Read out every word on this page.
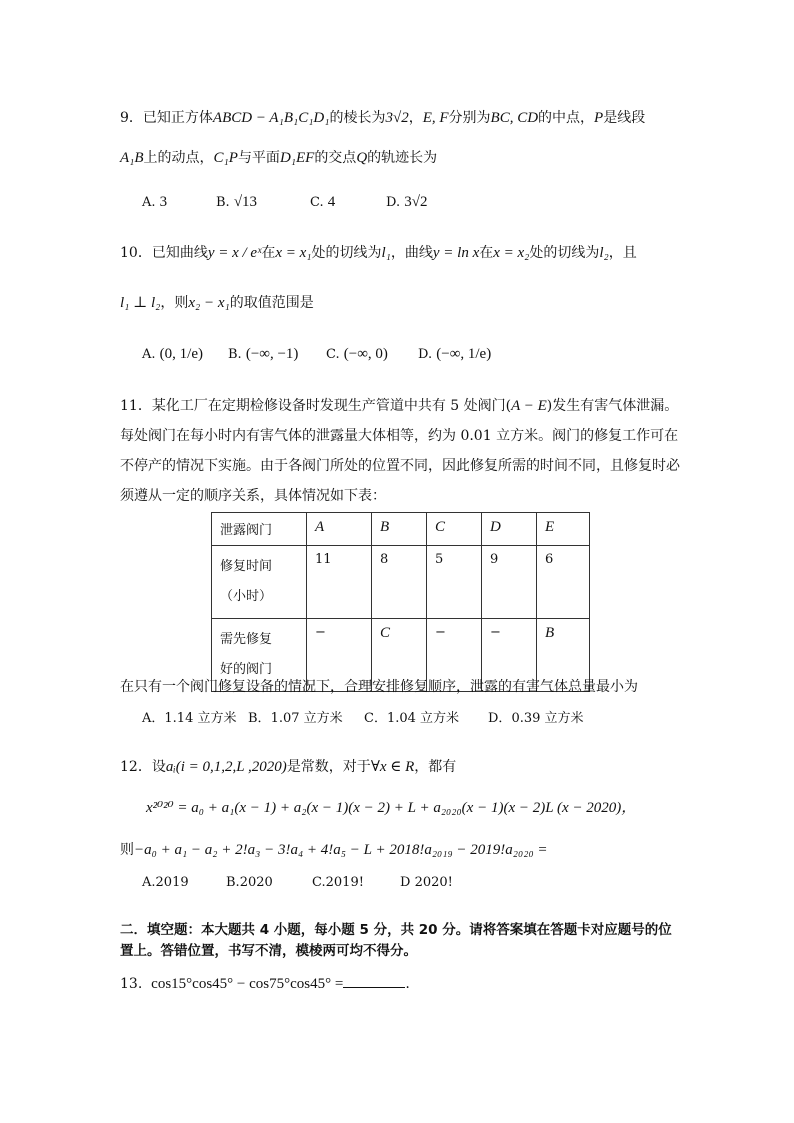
9．已知正方体ABCD − A₁B₁C₁D₁的棱长为3√2，E, F分别为BC, CD的中点，P是线段
A₁B上的动点，C₁P与平面D₁EF的交点Q的轨迹长为
A. 3	B. √13	C. 4	D. 3√2
10．已知曲线y = x / eˣ在x = x₁处的切线为l₁，曲线y = ln x在x = x₂处的切线为l₂，且
l₁ ⊥ l₂，则x₂ − x₁的取值范围是
A. (0, 1/e) B. (−∞, −1) C. (−∞, 0) D. (−∞, 1/e)
11．某化工厂在定期检修设备时发现生产管道中共有 5 处阀门(A − E)发生有害气体泄漏。
每处阀门在每小时内有害气体的泄露量大体相等，约为 0.01 立方米。阀门的修复工作可在
不停产的情况下实施。由于各阀门所处的位置不同，因此修复所需的时间不同，且修复时必
须遵从一定的顺序关系，具体情况如下表：
泄露阀门	A	B	C	D	E

修复时间
（小时）	11	8	5	9	6

需先修复
好的阀门	−	C	−	−	B
在只有一个阀门修复设备的情况下，合理安排修复顺序，泄露的有害气体总量最小为
A．1.14 立方米 B．1.07 立方米 C．1.04 立方米 D．0.39 立方米
12．设aᵢ(i = 0,1,2,L ,2020)是常数，对于∀x ∈ R，都有
x²⁰²⁰ = a₀ + a₁(x − 1) + a₂(x − 1)(x − 2) + L + a₂₀₂₀(x − 1)(x − 2)L (x − 2020)，
则−a₀ + a₁ − a₂ + 2!a₃ − 3!a₄ + 4!a₅ − L + 2018!a₂₀₁₉ − 2019!a₂₀₂₀ =
A.2019	B.2020	C.2019!	D 2020!
二．填空题：本大题共 4 小题，每小题 5 分，共 20 分。请将答案填在答题卡对应题号的位
置上。答错位置，书写不清，模棱两可均不得分。
13. cos15°cos45° − cos75°cos45° =	.
